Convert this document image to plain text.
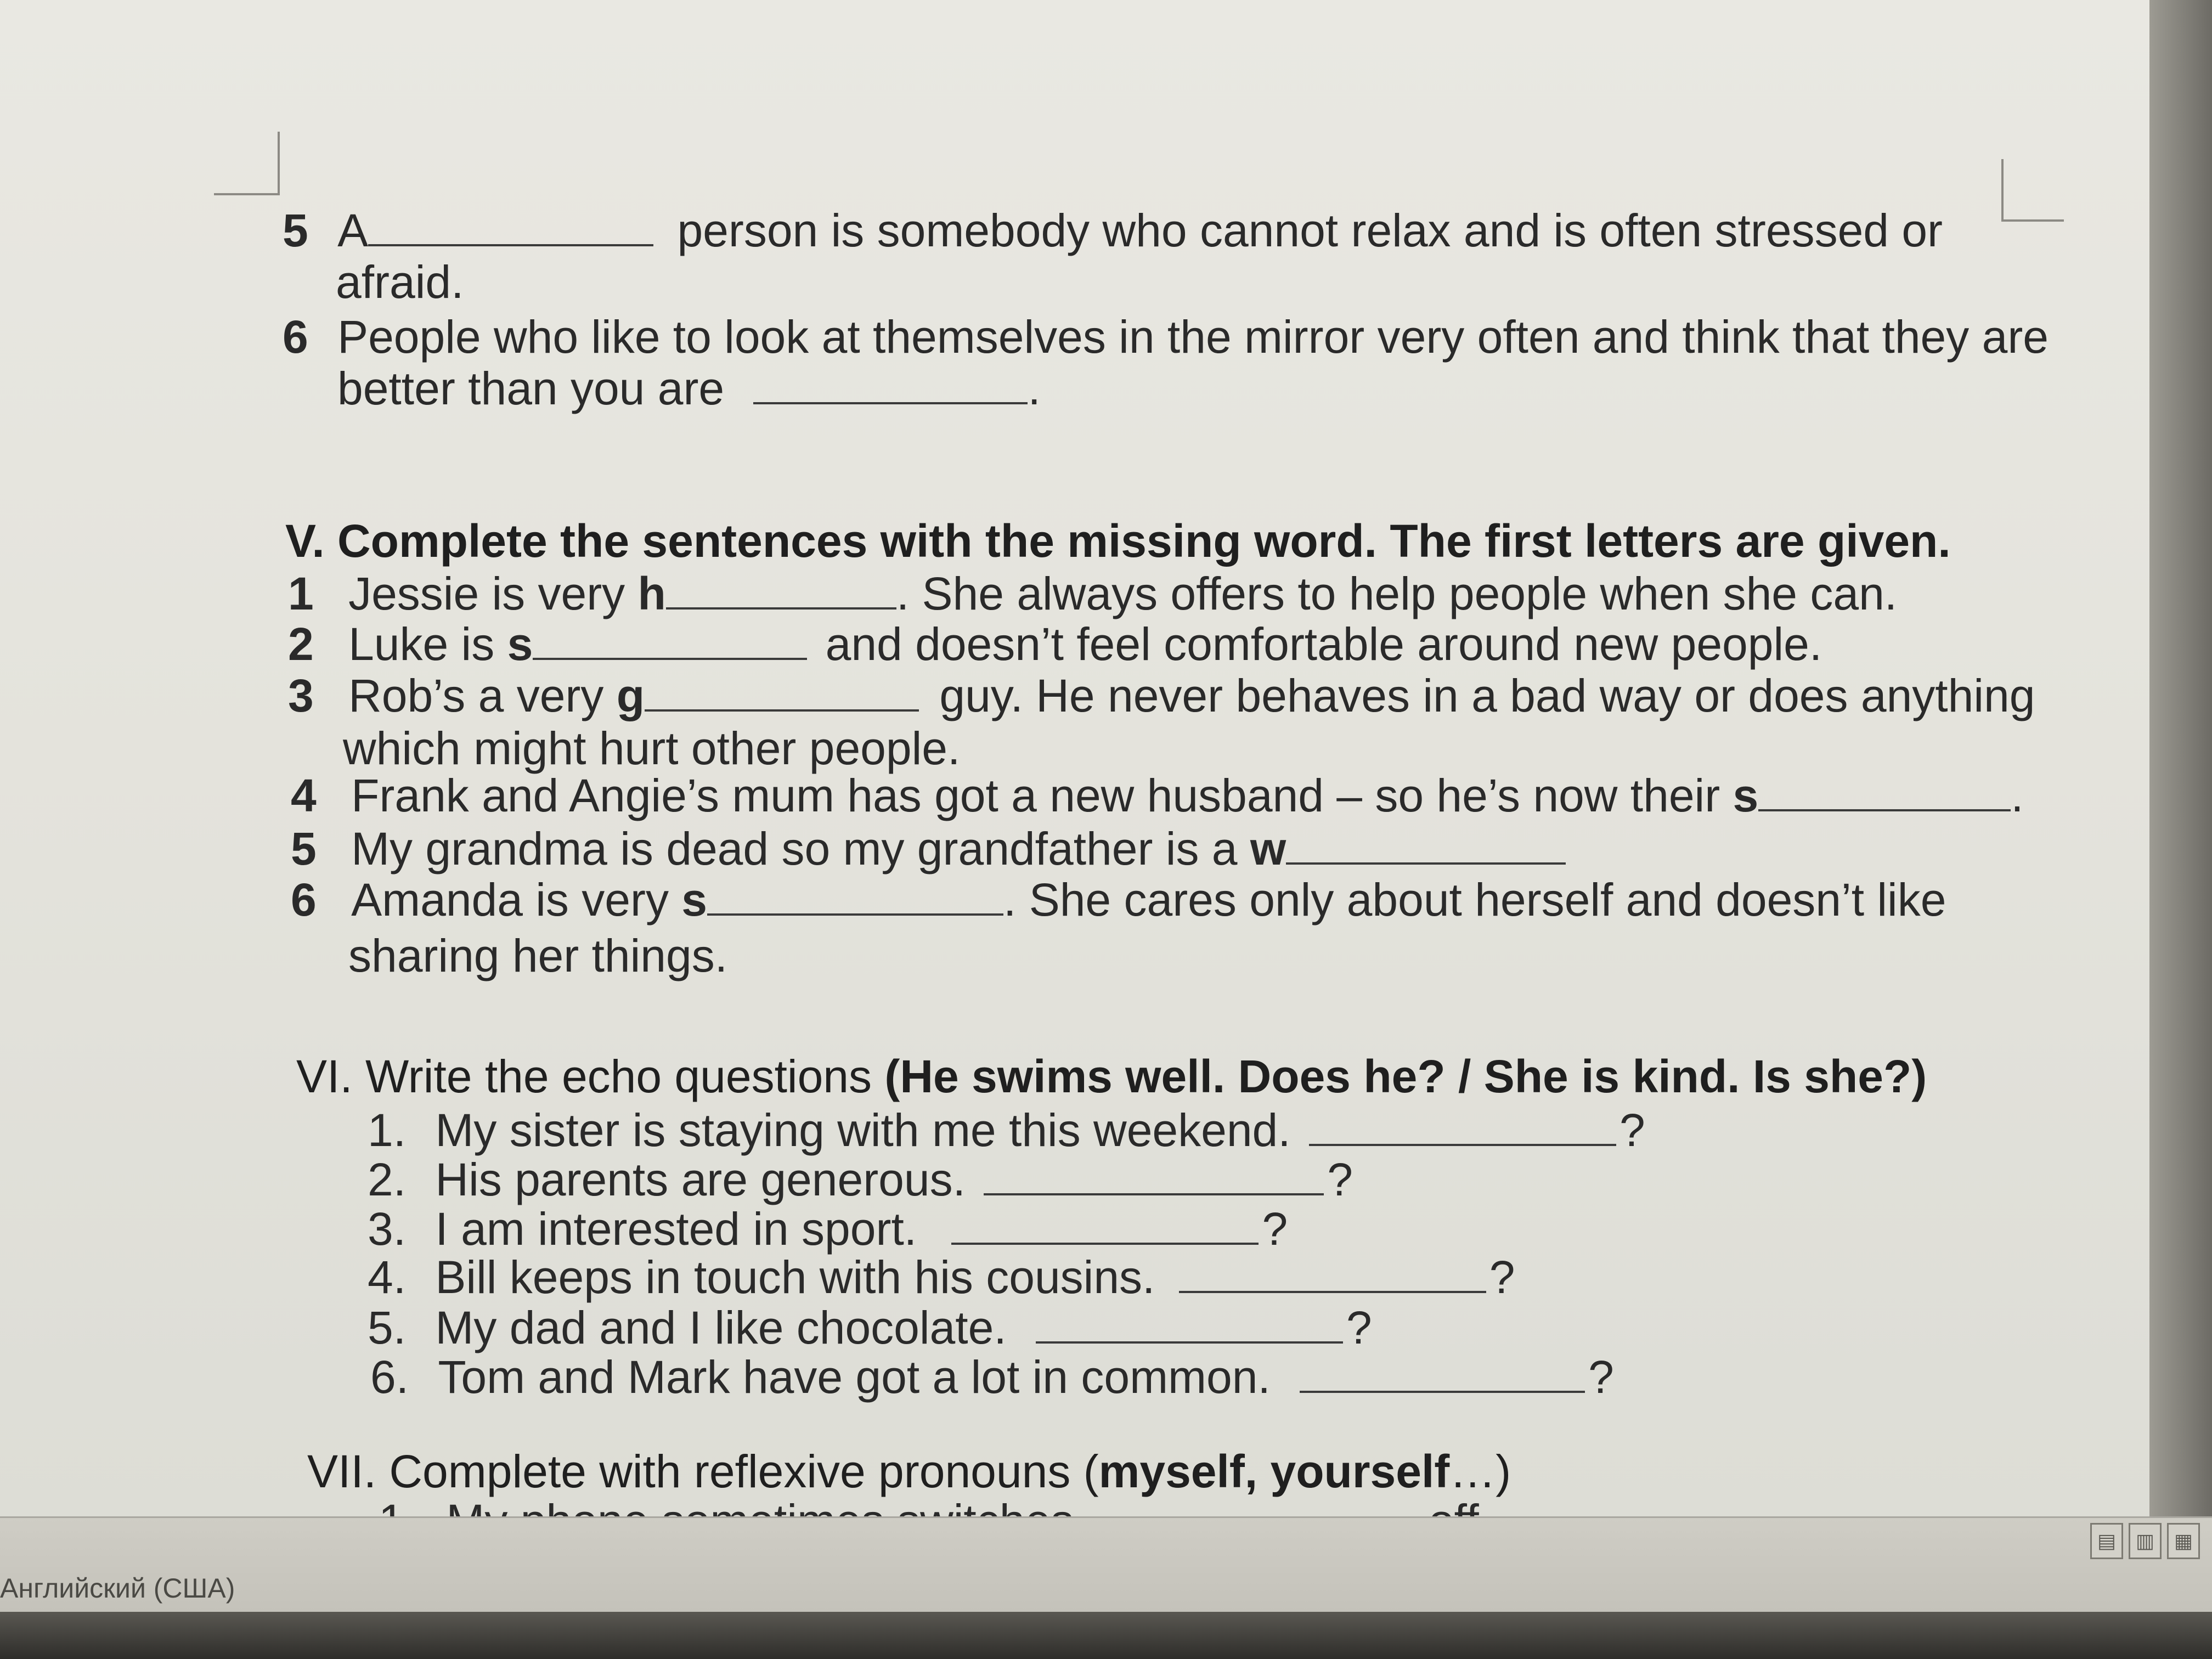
5 A	person is somebody who cannot relax and is often stressed or
afraid.
6 People who like to look at themselves in the mirror very often and think that they are
better than you are	.
V. Complete the sentences with the missing word. The first letters are given.
1 Jessie is very h	. She always offers to help people when she can.
2 Luke is s	and doesn’t feel comfortable around new people.
3 Rob’s a very g	guy. He never behaves in a bad way or does anything
which might hurt other people.
4 Frank and Angie’s mum has got a new husband – so he’s now their s	.
5 My grandma is dead so my grandfather is a w
6 Amanda is very s	. She cares only about herself and doesn’t like
sharing her things.
VI. Write the echo questions (He swims well. Does he? / She is kind. Is she?)
1. My sister is staying with me this weekend.	?
2. His parents are generous.	?
3. I am interested in sport.	?
4. Bill keeps in touch with his cousins.	?
5. My dad and I like chocolate.	?
6. Tom and Mark have got a lot in common.	?
VII. Complete with reflexive pronouns (myself, yourself…)
Английский (США)
▤ ▥ ▦
